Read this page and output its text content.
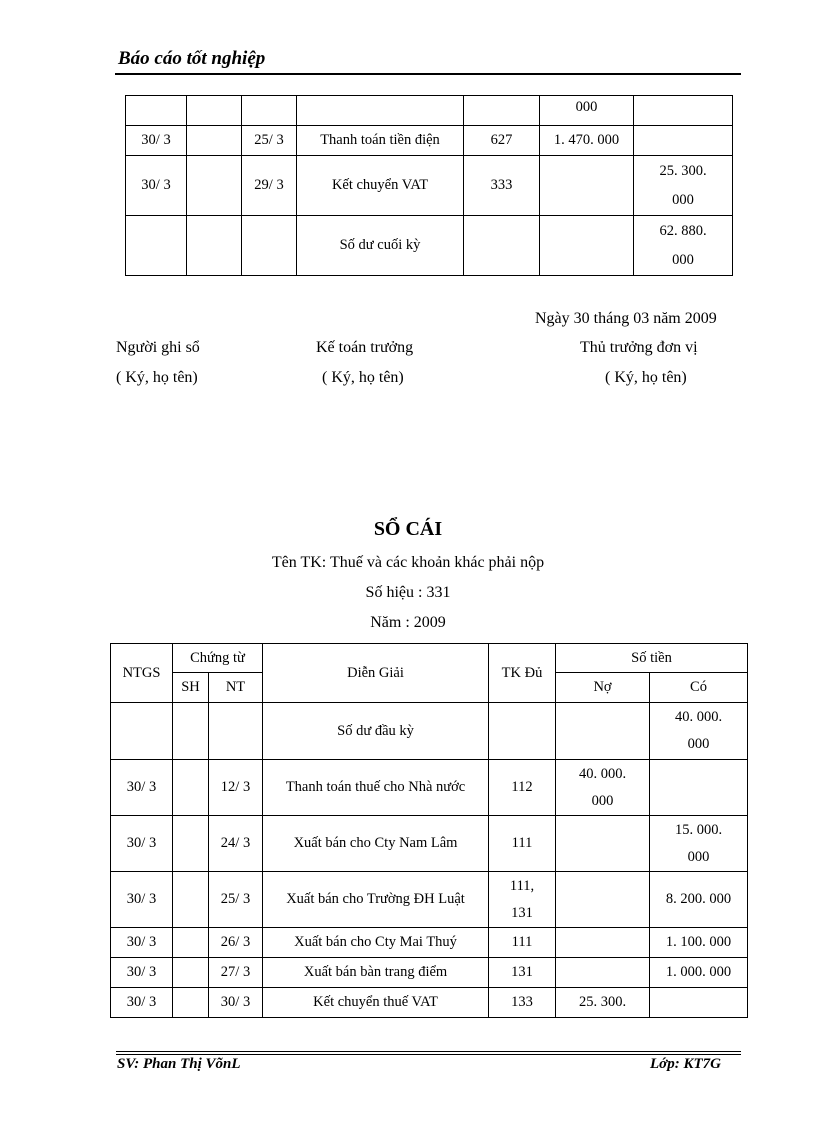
Báo cáo tốt nghiệp
					000	
30/ 3		25/ 3	Thanh toán tiền điện	627	1. 470. 000	
30/ 3		29/ 3	Kết chuyển VAT	333		25. 300. 000
			Số dư cuối kỳ			62. 880. 000
Ngày 30 tháng 03 năm 2009
Người ghi sổ	Kế toán trưởng	Thủ trưởng đơn vị
( Ký, họ tên)	( Ký, họ tên)	( Ký, họ tên)
SỔ CÁI
Tên TK: Thuế và các khoản khác phải nộp
Số hiệu : 331
Năm : 2009
NTGS	Chứng từ		Diễn Giải	TK Đủ	Số tiền	
	SH	NT			Nợ	Có
			Số dư đầu kỳ			40. 000. 000
30/ 3		12/ 3	Thanh toán thuế cho Nhà nước	112	40. 000. 000	
30/ 3		24/ 3	Xuất bán cho Cty Nam Lâm	111		15. 000. 000
30/ 3		25/ 3	Xuất bán cho Trường ĐH Luật	111, 131		8. 200. 000
30/ 3		26/ 3	Xuất bán cho Cty Mai Thuý	111		1. 100. 000
30/ 3		27/ 3	Xuất bán bàn trang điểm	131		1. 000. 000
30/ 3		30/ 3	Kết chuyển thuế VAT	133	25. 300.	
SV: Phan Thị VõnL	Lớp: KT7G
